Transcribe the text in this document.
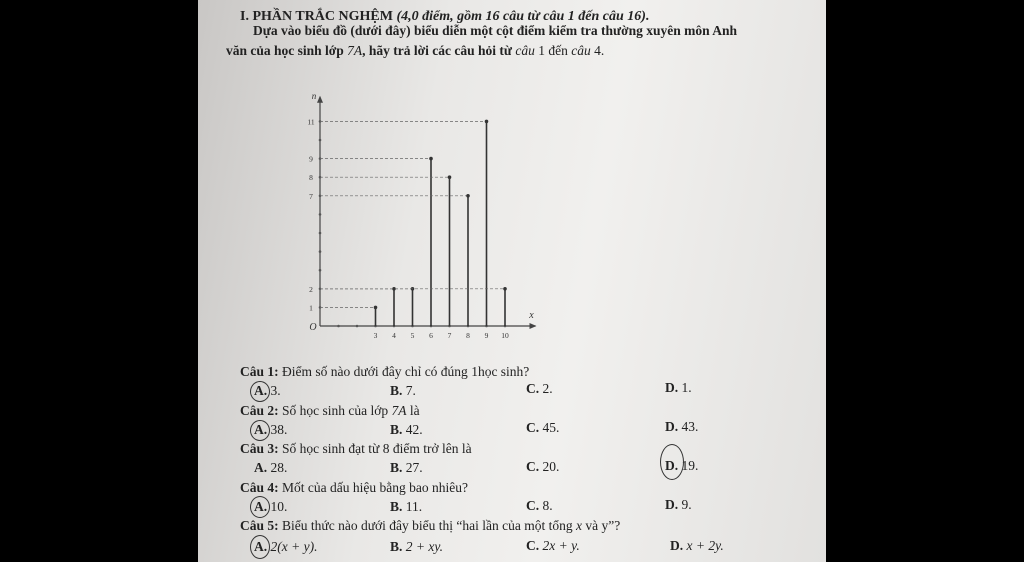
I. PHẦN TRẮC NGHỆM (4,0 điểm, gồm 16 câu từ câu 1 đến câu 16).
Dựa vào biểu đồ (dưới đây) biểu diễn một cột điểm kiểm tra thường xuyên môn Anh
văn của học sinh lớp 7A, hãy trả lời các câu hỏi từ câu 1 đến câu 4.
O
x
n
1
2
7
8
9
11
3 4 5 6 7 8 9 10
Câu 1: Điểm số nào dưới đây chỉ có đúng 1học sinh?
A. 3.	B. 7.	C. 2.	D. 1.
Câu 2: Số học sinh của lớp 7A là
A. 38.	B. 42.	C. 45.	D. 43.
Câu 3: Số học sinh đạt từ 8 điểm trở lên là
A. 28.	B. 27.	C. 20.	D. 19.
Câu 4: Mốt của dấu hiệu bằng bao nhiêu?
A. 10.	B. 11.	C. 8.	D. 9.
Câu 5: Biểu thức nào dưới đây biểu thị “hai lần của một tổng x và y”?
A. 2(x + y).	B. 2 + xy.	C. 2x + y.	D. x + 2y.
